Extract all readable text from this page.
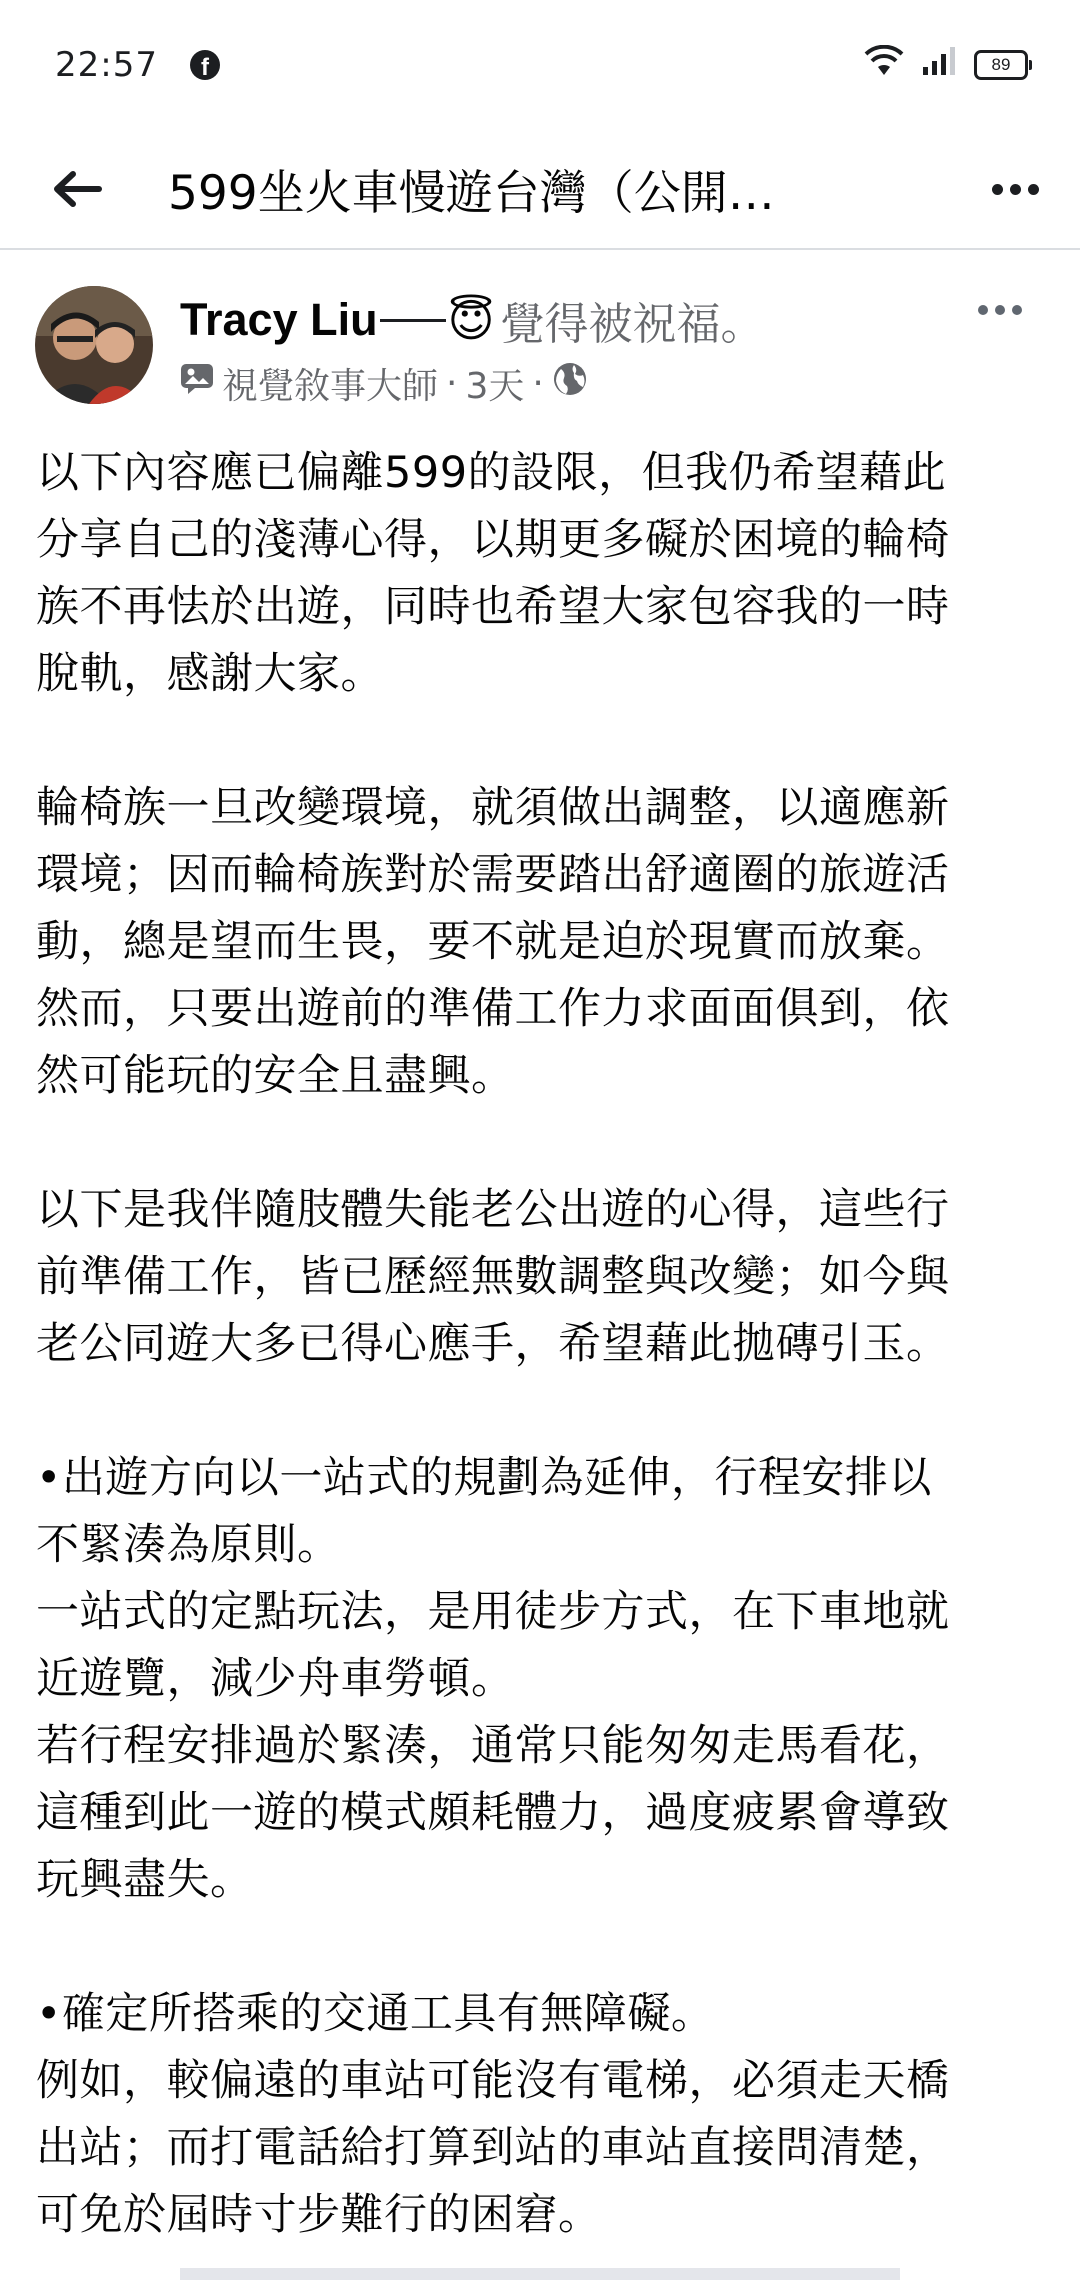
22:57	f	89
599坐火車慢遊台灣（公開…
Tracy Liu 😇 覺得被祝福。
視覺敘事大師 · 3天 ·
以下內容應已偏離599的設限，但我仍希望藉此
分享自己的淺薄心得，以期更多礙於困境的輪椅
族不再怯於出遊，同時也希望大家包容我的一時
脫軌，感謝大家。
輪椅族一旦改變環境，就須做出調整，以適應新
環境；因而輪椅族對於需要踏出舒適圈的旅遊活
動，總是望而生畏，要不就是迫於現實而放棄。
然而，只要出遊前的準備工作力求面面俱到，依
然可能玩的安全且盡興。
以下是我伴隨肢體失能老公出遊的心得，這些行
前準備工作，皆已歷經無數調整與改變；如今與
老公同遊大多已得心應手，希望藉此拋磚引玉。
•出遊方向以一站式的規劃為延伸，行程安排以
不緊湊為原則。
一站式的定點玩法，是用徒步方式，在下車地就
近遊覽，減少舟車勞頓。
若行程安排過於緊湊，通常只能匆匆走馬看花，
這種到此一遊的模式頗耗體力，過度疲累會導致
玩興盡失。
•確定所搭乘的交通工具有無障礙。
例如，較偏遠的車站可能沒有電梯，必須走天橋
出站；而打電話給打算到站的車站直接問清楚，
可免於屆時寸步難行的困窘。
